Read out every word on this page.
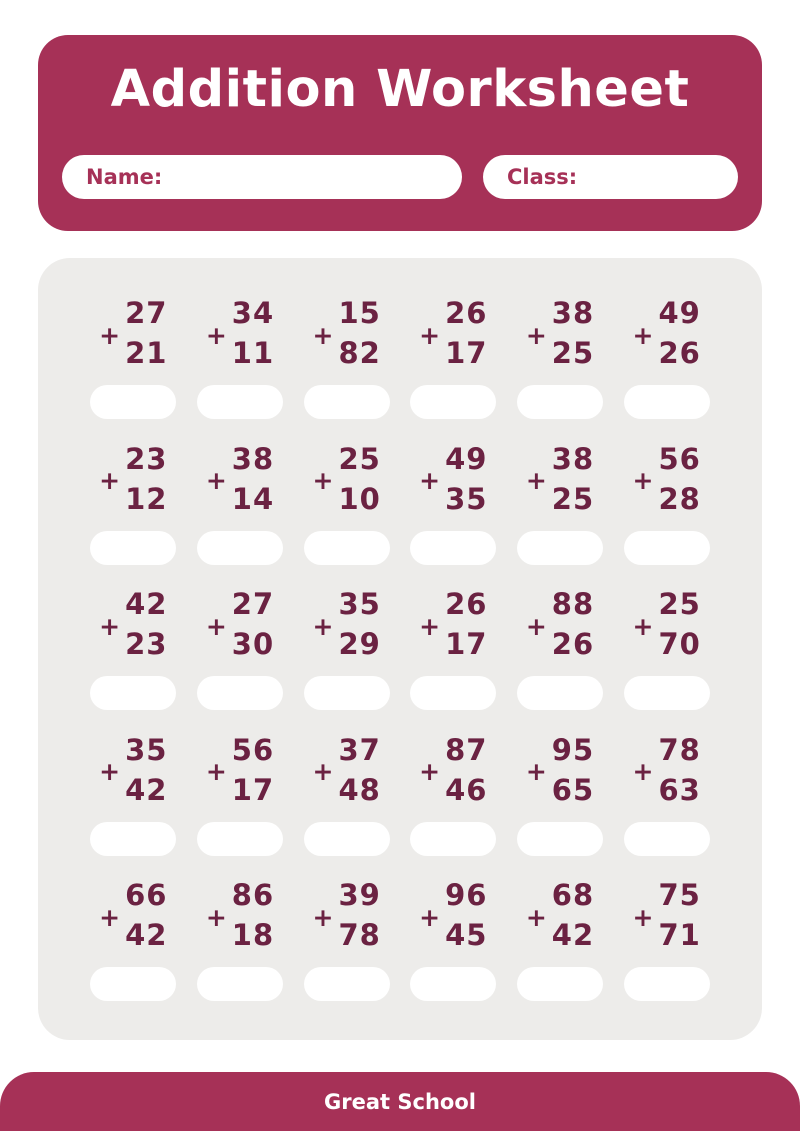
Addition Worksheet
Name:	Class:
+
27
21
+
34
11
+
15
82
+
26
17
+
38
25
+
49
26
+
23
12
+
38
14
+
25
10
+
49
35
+
38
25
+
56
28
+
42
23
+
27
30
+
35
29
+
26
17
+
88
26
+
25
70
+
35
42
+
56
17
+
37
48
+
87
46
+
95
65
+
78
63
+
66
42
+
86
18
+
39
78
+
96
45
+
68
42
+
75
71
Great School
